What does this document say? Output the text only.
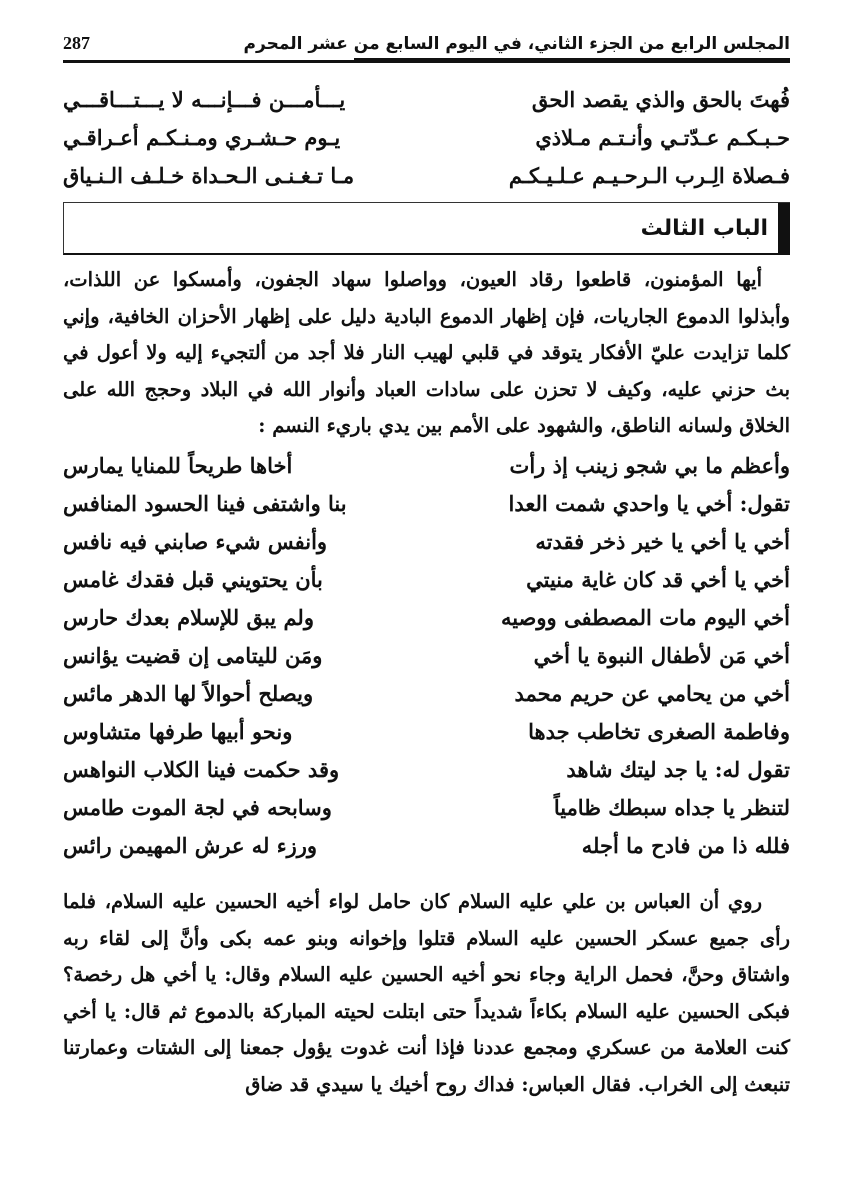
المجلس الرابع من الجزء الثاني، في اليوم السابع من عشر المحرم
287
فُهتَ بالحق والذي يقصد الحق
يـــأمـــن فـــإنـــه لا يـــتـــاقـــي
حـبـكـم عـدّتـي وأنـتـم مـلاذي
يـوم حـشـري ومـنـكـم أعـراقـي
فـصلاة الِـرب الـرحـيـم عـلـيـكـم
مـا تـغـنـى الـحـداة خـلـف الـنـياق
الباب الثالث

أيها المؤمنون، قاطعوا رقاد العيون، وواصلوا سهاد الجفون، وأمسكوا عن اللذات، وأبذلوا الدموع الجاريات، فإن إظهار الدموع البادية دليل على إظهار الأحزان الخافية، وإني كلما تزايدت عليّ الأفكار يتوقد في قلبي لهيب النار فلا أجد من ألتجيء إليه ولا أعول في بث حزني عليه، وكيف لا تحزن على سادات العباد وأنوار الله في البلاد وحجج الله على الخلاق ولسانه الناطق، والشهود على الأمم بين يدي باريء النسم :

وأعظم ما بي شجو زينب إذ رأت
أخاها طريحاً للمنايا يمارس
تقول: أخي يا واحدي شمت العدا
بنا واشتفى فينا الحسود المنافس
أخي يا أخي يا خير ذخر فقدته
وأنفس شيء صابني فيه نافس
أخي يا أخي قد كان غاية منيتي
بأن يحتويني قبل فقدك غامس
أخي اليوم مات المصطفى ووصيه
ولم يبق للإسلام بعدك حارس
أخي مَن لأطفال النبوة يا أخي
ومَن لليتامى إن قضيت يؤانس
أخي من يحامي عن حريم محمد
ويصلح أحوالاً لها الدهر مائس
وفاطمة الصغرى تخاطب جدها
ونحو أبيها طرفها متشاوس
تقول له: يا جد ليتك شاهد
وقد حكمت فينا الكلاب النواهس
لتنظر يا جداه سبطك ظامياً
وسابحه في لجة الموت طامس
فلله ذا من فادح ما أجله
ورزء له عرش المهيمن رائس

روي أن العباس بن علي عليه السلام كان حامل لواء أخيه الحسين عليه السلام، فلما رأى جميع عسكر الحسين عليه السلام قتلوا وإخوانه وبنو عمه بكى وأنَّ إلى لقاء ربه واشتاق وحنَّ، فحمل الراية وجاء نحو أخيه الحسين عليه السلام وقال: يا أخي هل رخصة؟ فبكى الحسين عليه السلام بكاءاً شديداً حتى ابتلت لحيته المباركة بالدموع ثم قال: يا أخي كنت العلامة من عسكري ومجمع عددنا فإذا أنت غدوت يؤول جمعنا إلى الشتات وعمارتنا تنبعث إلى الخراب. فقال العباس: فداك روح أخيك يا سيدي قد ضاق
